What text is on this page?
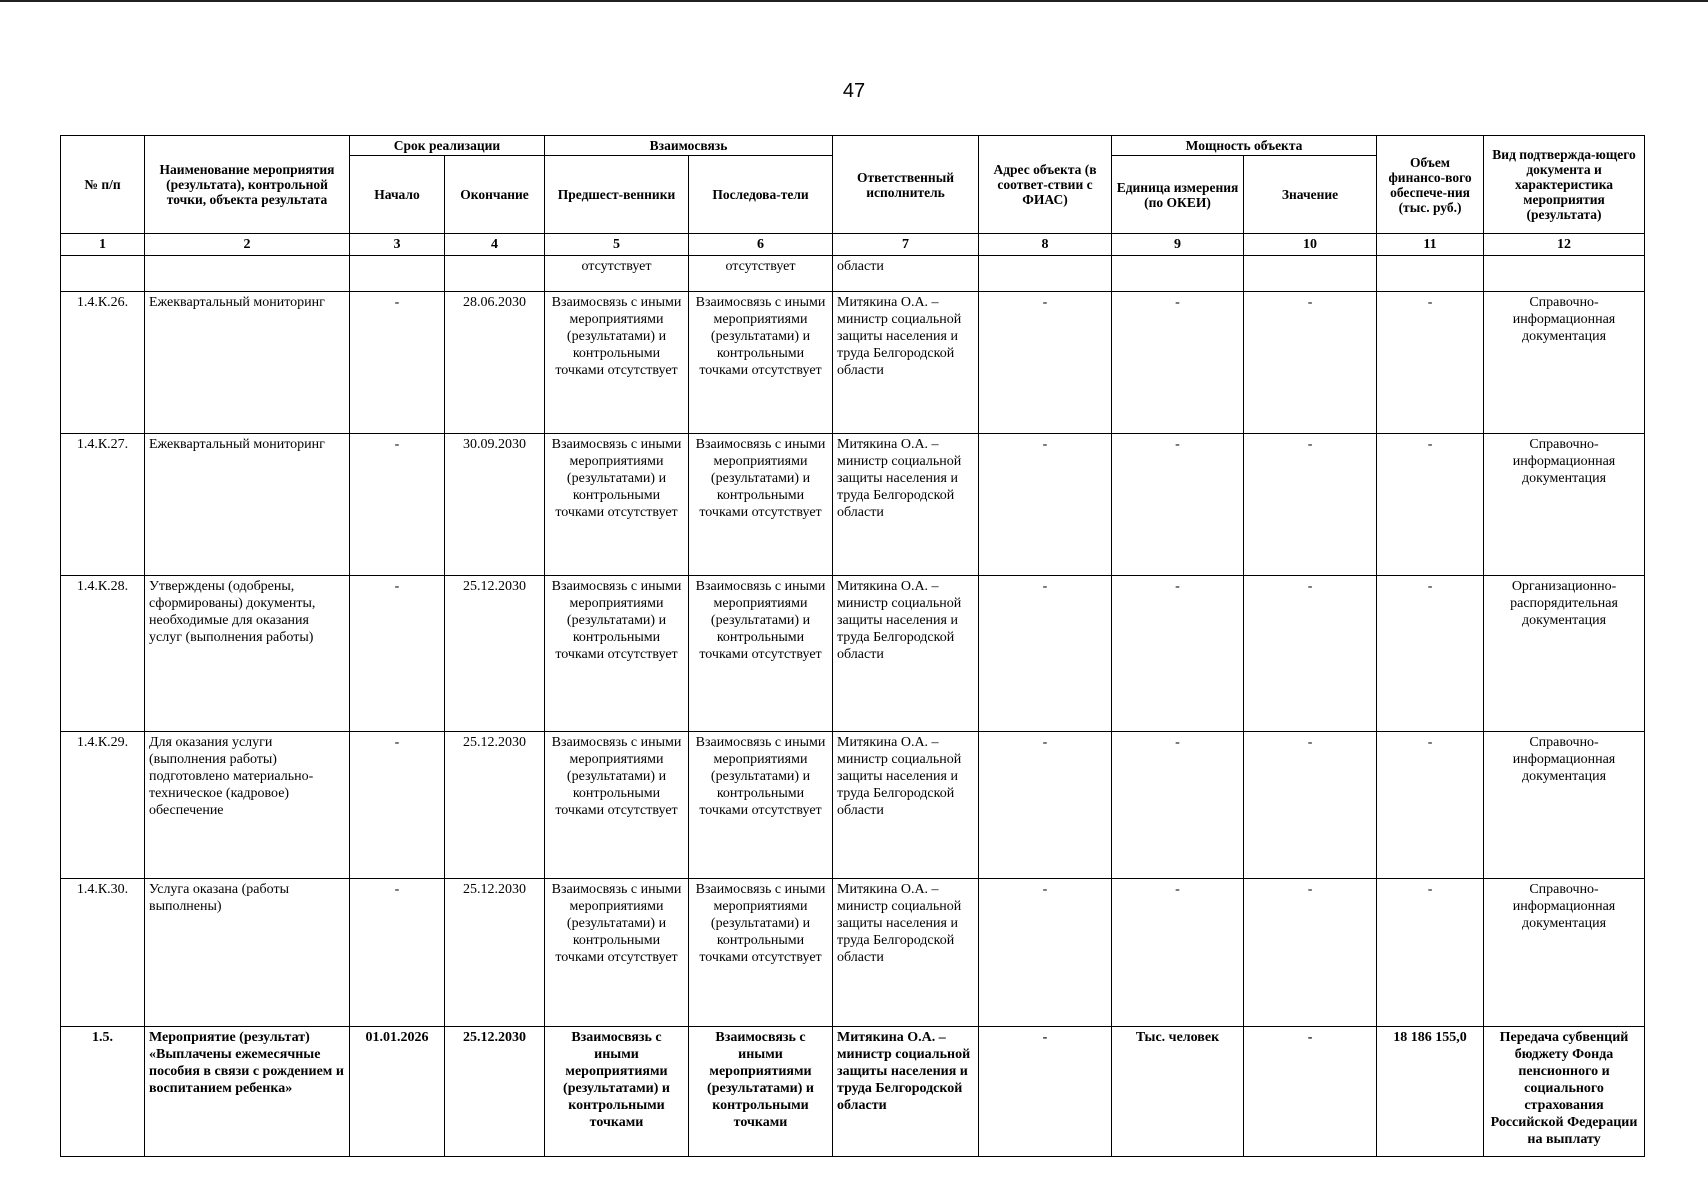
47
№ п/п	Наименование мероприятия (результата), контрольной точки, объекта результата	Срок реализации		Взаимосвязь		Ответственный исполнитель	Адрес объекта (в соответ-ствии с ФИАС)	Мощность объекта		Объем финансо-вого обеспече-ния (тыс. руб.)	Вид подтвержда-ющего документа и характеристика мероприятия (результата)
		Начало	Окончание	Предшест-венники	Последова-тели			Единица измерения (по ОКЕИ)	Значение		
1	2	3	4	5	6	7	8	9	10	11	12
				отсутствует	отсутствует	области					
1.4.К.26.	Ежеквартальный мониторинг	-	28.06.2030	Взаимосвязь с иными мероприятиями (результатами) и контрольными точками отсутствует	Взаимосвязь с иными мероприятиями (результатами) и контрольными точками отсутствует	Митякина О.А. – министр социальной защиты населения и труда Белгородской области	-	-	-	-	Справочно-информационная документация
1.4.К.27.	Ежеквартальный мониторинг	-	30.09.2030	Взаимосвязь с иными мероприятиями (результатами) и контрольными точками отсутствует	Взаимосвязь с иными мероприятиями (результатами) и контрольными точками отсутствует	Митякина О.А. – министр социальной защиты населения и труда Белгородской области	-	-	-	-	Справочно-информационная документация
1.4.К.28.	Утверждены (одобрены, сформированы) документы, необходимые для оказания услуг (выполнения работы)	-	25.12.2030	Взаимосвязь с иными мероприятиями (результатами) и контрольными точками отсутствует	Взаимосвязь с иными мероприятиями (результатами) и контрольными точками отсутствует	Митякина О.А. – министр социальной защиты населения и труда Белгородской области	-	-	-	-	Организационно-распорядительная документация
1.4.К.29.	Для оказания услуги (выполнения работы) подготовлено материально-техническое (кадровое) обеспечение	-	25.12.2030	Взаимосвязь с иными мероприятиями (результатами) и контрольными точками отсутствует	Взаимосвязь с иными мероприятиями (результатами) и контрольными точками отсутствует	Митякина О.А. – министр социальной защиты населения и труда Белгородской области	-	-	-	-	Справочно-информационная документация
1.4.К.30.	Услуга оказана (работы выполнены)	-	25.12.2030	Взаимосвязь с иными мероприятиями (результатами) и контрольными точками отсутствует	Взаимосвязь с иными мероприятиями (результатами) и контрольными точками отсутствует	Митякина О.А. – министр социальной защиты населения и труда Белгородской области	-	-	-	-	Справочно-информационная документация
1.5.	Мероприятие (результат) «Выплачены ежемесячные пособия в связи с рождением и воспитанием ребенка»	01.01.2026	25.12.2030	Взаимосвязь с иными мероприятиями (результатами) и контрольными точками	Взаимосвязь с иными мероприятиями (результатами) и контрольными точками	Митякина О.А. – министр социальной защиты населения и труда Белгородской области	-	Тыс. человек	-	18 186 155,0	Передача субвенций бюджету Фонда пенсионного и социального страхования Российской Федерации на выплату
